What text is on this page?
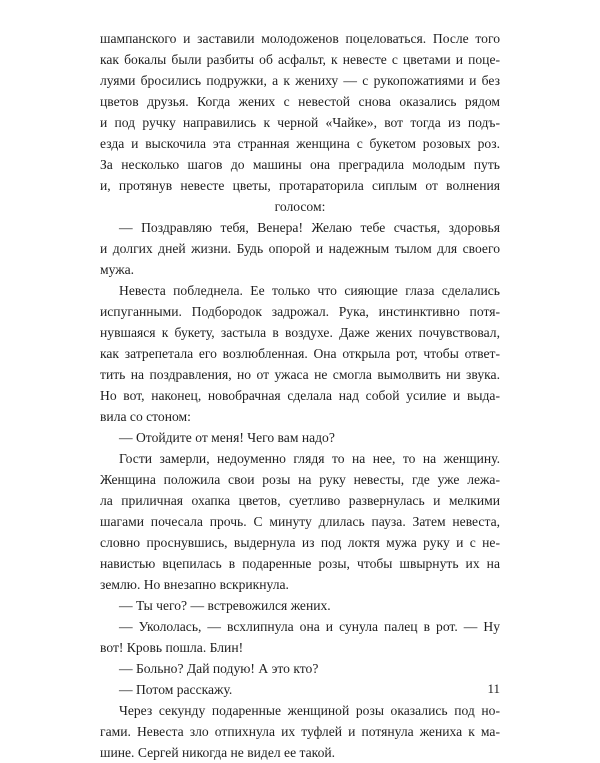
шампанского и заставили молодоженов поцеловаться. После того
как бокалы были разбиты об асфальт, к невесте с цветами и поце-
луями бросились подружки, а к жениху — с рукопожатиями и без
цветов друзья. Когда жених с невестой снова оказались рядом
и под ручку направились к черной «Чайке», вот тогда из подъ-
езда и выскочила эта странная женщина с букетом розовых роз.
За несколько шагов до машины она преградила молодым путь
и, протянув невесте цветы, протараторила сиплым от волнения
голосом:
— Поздравляю тебя, Венера! Желаю тебе счастья, здоровья
и долгих дней жизни. Будь опорой и надежным тылом для своего
мужа.
Невеста побледнела. Ее только что сияющие глаза сделались
испуганными. Подбородок задрожал. Рука, инстинктивно потя-
нувшаяся к букету, застыла в воздухе. Даже жених почувствовал,
как затрепетала его возлюбленная. Она открыла рот, чтобы ответ-
тить на поздравления, но от ужаса не смогла вымолвить ни звука.
Но вот, наконец, новобрачная сделала над собой усилие и выда-
вила со стоном:
— Отойдите от меня! Чего вам надо?
Гости замерли, недоуменно глядя то на нее, то на женщину.
Женщина положила свои розы на руку невесты, где уже лежа-
ла приличная охапка цветов, суетливо развернулась и мелкими
шагами почесала прочь. С минуту длилась пауза. Затем невеста,
словно проснувшись, выдернула из под локтя мужа руку и с не-
навистью вцепилась в подаренные розы, чтобы швырнуть их на
землю. Но внезапно вскрикнула.
— Ты чего? — встревожился жених.
— Укололась, — всхлипнула она и сунула палец в рот. — Ну
вот! Кровь пошла. Блин!
— Больно? Дай подую! А это кто?
— Потом расскажу.
Через секунду подаренные женщиной розы оказались под но-
гами. Невеста зло отпихнула их туфлей и потянула жениха к ма-
шине. Сергей никогда не видел ее такой.
11
